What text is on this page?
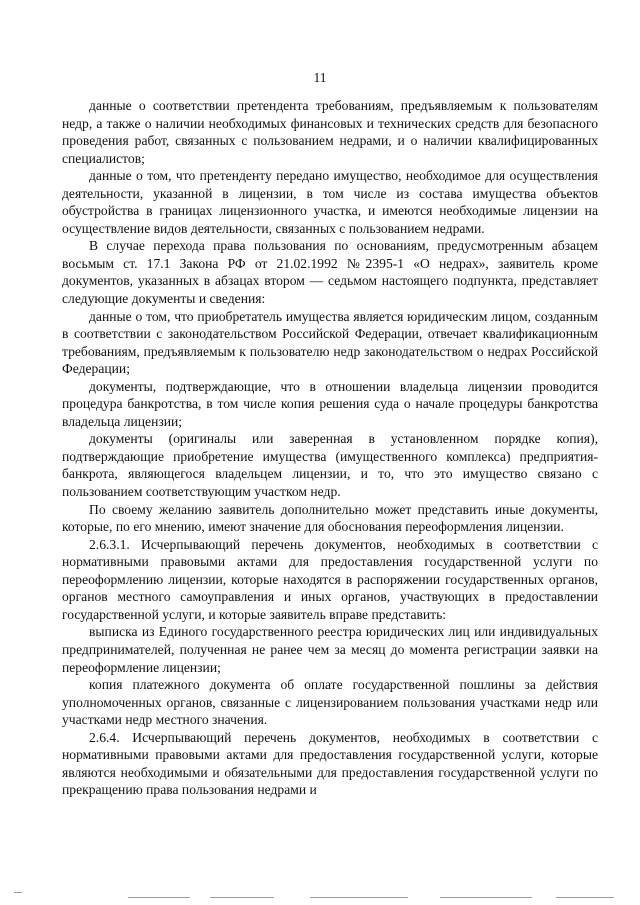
11

данные о соответствии претендента требованиям, предъявляемым к пользователям недр, а также о наличии необходимых финансовых и технических средств для безопасного проведения работ, связанных с пользованием недрами, и о наличии квалифицированных специалистов;

данные о том, что претенденту передано имущество, необходимое для осуществления деятельности, указанной в лицензии, в том числе из состава имущества объектов обустройства в границах лицензионного участка, и имеются необходимые лицензии на осуществление видов деятельности, связанных с пользованием недрами.

В случае перехода права пользования по основаниям, предусмотренным абзацем восьмым ст. 17.1 Закона РФ от 21.02.1992 №2395-1 «О недрах», заявитель кроме документов, указанных в абзацах втором — седьмом настоящего подпункта, представляет следующие документы и сведения:

данные о том, что приобретатель имущества является юридическим лицом, созданным в соответствии с законодательством Российской Федерации, отвечает квалификационным требованиям, предъявляемым к пользователю недр законодательством о недрах Российской Федерации;

документы, подтверждающие, что в отношении владельца лицензии проводится процедура банкротства, в том числе копия решения суда о начале процедуры банкротства владельца лицензии;

документы (оригиналы или заверенная в установленном порядке копия), подтверждающие приобретение имущества (имущественного комплекса) предприятия-банкрота, являющегося владельцем лицензии, и то, что это имущество связано с пользованием соответствующим участком недр.

По своему желанию заявитель дополнительно может представить иные документы, которые, по его мнению, имеют значение для обоснования переоформления лицензии.

2.6.3.1. Исчерпывающий перечень документов, необходимых в соответствии с нормативными правовыми актами для предоставления государственной услуги по переоформлению лицензии, которые находятся в распоряжении государственных органов, органов местного самоуправления и иных органов, участвующих в предоставлении государственной услуги, и которые заявитель вправе представить:

выписка из Единого государственного реестра юридических лиц или индивидуальных предпринимателей, полученная не ранее чем за месяц до момента регистрации заявки на переоформление лицензии;

копия платежного документа об оплате государственной пошлины за действия уполномоченных органов, связанные с лицензированием пользования участками недр или участками недр местного значения.

2.6.4. Исчерпывающий перечень документов, необходимых в соответствии с нормативными правовыми актами для предоставления государственной услуги, которые являются необходимыми и обязательными для предоставления государственной услуги по прекращению права пользования недрами и
